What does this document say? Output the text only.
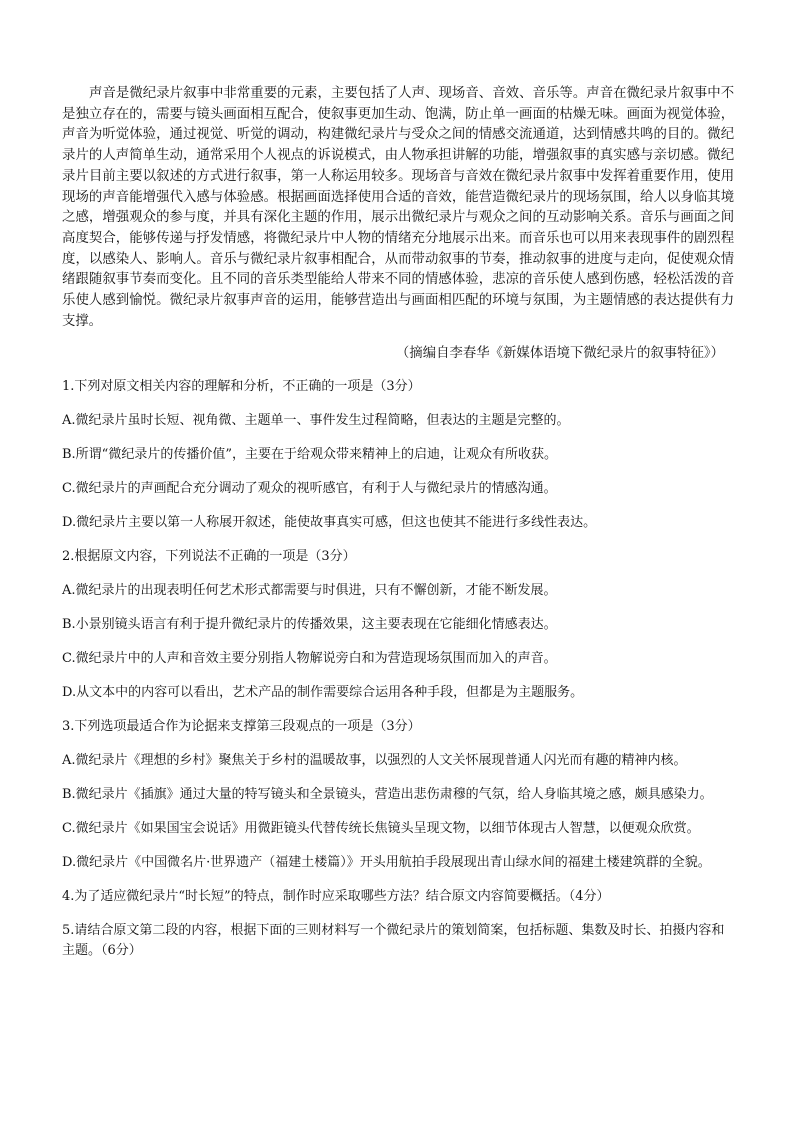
声音是微纪录片叙事中非常重要的元素，主要包括了人声、现场音、音效、音乐等。声音在微纪录片叙事中不是独立存在的，需要与镜头画面相互配合，使叙事更加生动、饱满，防止单一画面的枯燥无味。画面为视觉体验，声音为听觉体验，通过视觉、听觉的调动，构建微纪录片与受众之间的情感交流通道，达到情感共鸣的目的。微纪录片的人声简单生动，通常采用个人视点的诉说模式，由人物承担讲解的功能，增强叙事的真实感与亲切感。微纪录片目前主要以叙述的方式进行叙事，第一人称运用较多。现场音与音效在微纪录片叙事中发挥着重要作用，使用现场的声音能增强代入感与体验感。根据画面选择使用合适的音效，能营造微纪录片的现场氛围，给人以身临其境之感，增强观众的参与度，并具有深化主题的作用，展示出微纪录片与观众之间的互动影响关系。音乐与画面之间高度契合，能够传递与抒发情感，将微纪录片中人物的情绪充分地展示出来。而音乐也可以用来表现事件的剧烈程度，以感染人、影响人。音乐与微纪录片叙事相配合，从而带动叙事的节奏，推动叙事的进度与走向，促使观众情绪跟随叙事节奏而变化。且不同的音乐类型能给人带来不同的情感体验，悲凉的音乐使人感到伤感，轻松活泼的音乐使人感到愉悦。微纪录片叙事声音的运用，能够营造出与画面相匹配的环境与氛围，为主题情感的表达提供有力支撑。

（摘编自李春华《新媒体语境下微纪录片的叙事特征》）

1.下列对原文相关内容的理解和分析，不正确的一项是（3分）

A.微纪录片虽时长短、视角微、主题单一、事件发生过程简略，但表达的主题是完整的。

B.所谓“微纪录片的传播价值”，主要在于给观众带来精神上的启迪，让观众有所收获。

C.微纪录片的声画配合充分调动了观众的视听感官，有利于人与微纪录片的情感沟通。

D.微纪录片主要以第一人称展开叙述，能使故事真实可感，但这也使其不能进行多线性表达。

2.根据原文内容，下列说法不正确的一项是（3分）

A.微纪录片的出现表明任何艺术形式都需要与时俱进，只有不懈创新，才能不断发展。

B.小景别镜头语言有利于提升微纪录片的传播效果，这主要表现在它能细化情感表达。

C.微纪录片中的人声和音效主要分别指人物解说旁白和为营造现场氛围而加入的声音。

D.从文本中的内容可以看出，艺术产品的制作需要综合运用各种手段，但都是为主题服务。

3.下列选项最适合作为论据来支撑第三段观点的一项是（3分）

A.微纪录片《理想的乡村》聚焦关于乡村的温暖故事，以强烈的人文关怀展现普通人闪光而有趣的精神内核。

B.微纪录片《插旗》通过大量的特写镜头和全景镜头，营造出悲伤肃穆的气氛，给人身临其境之感，颇具感染力。

C.微纪录片《如果国宝会说话》用微距镜头代替传统长焦镜头呈现文物，以细节体现古人智慧，以便观众欣赏。

D.微纪录片《中国微名片·世界遗产（福建土楼篇）》开头用航拍手段展现出青山绿水间的福建土楼建筑群的全貌。

4.为了适应微纪录片“时长短”的特点，制作时应采取哪些方法？结合原文内容简要概括。（4分）

5.请结合原文第二段的内容，根据下面的三则材料写一个微纪录片的策划简案，包括标题、集数及时长、拍摄内容和主题。（6分）
